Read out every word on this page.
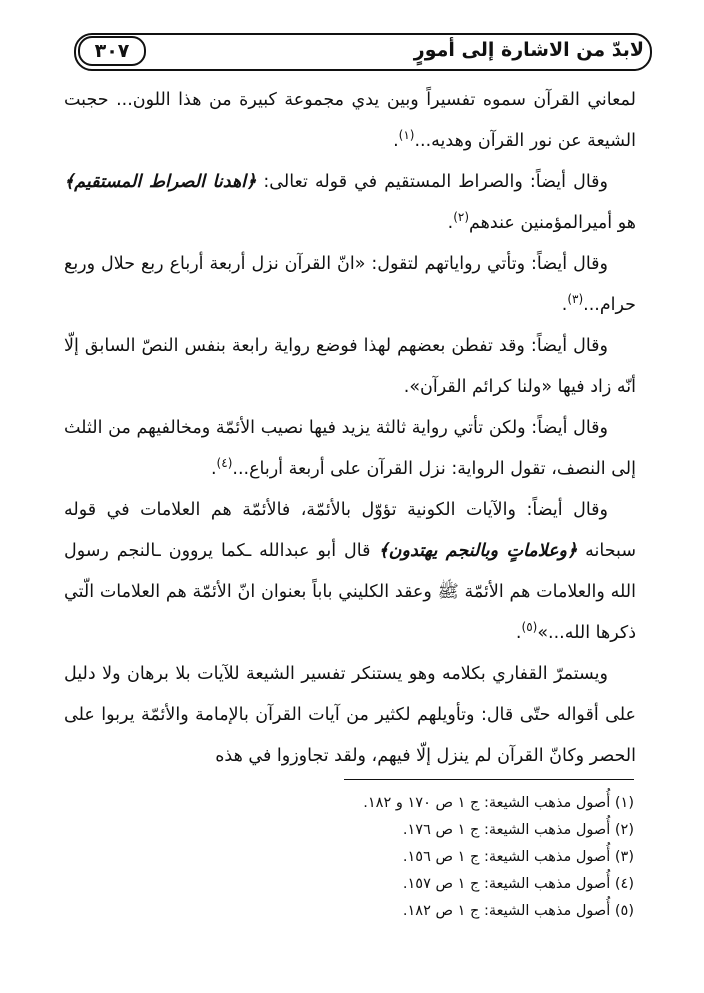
٣٠٧	لابدّ من الاشارة إلى أمورٍ

لمعاني القرآن سموه تفسيراً وبين يدي مجموعة كبيرة من هذا اللون... حجبت الشيعة عن نور القرآن وهديه...$^{(١)}$.

وقال أيضاً: والصراط المستقيم في قوله تعالى: ﴿اهدنا الصراط المستقيم﴾ هو أميرالمؤمنين عندهم$^{(٢)}$.

وقال أيضاً: وتأتي رواياتهم لتقول: «انّ القرآن نزل أربعة أرباع ربع حلال وربع حرام...$^{(٣)}$.

وقال أيضاً: وقد تفطن بعضهم لهذا فوضع رواية رابعة بنفس النصّ السابق إلّا أنّه زاد فيها «ولنا كرائم القرآن».

وقال أيضاً: ولكن تأتي رواية ثالثة يزيد فيها نصيب الأئمّة ومخالفيهم من الثلث إلى النصف، تقول الرواية: نزل القرآن على أربعة أرباع...$^{(٤)}$.

وقال أيضاً: والآيات الكونية تؤوّل بالأئمّة، فالأئمّة هم العلامات في قوله سبحانه ﴿وعلاماتٍ وبالنجم يهتدون﴾ قال أبو عبدالله ـكما يروون ـالنجم رسول الله والعلامات هم الأئمّة ﷺ وعقد الكليني باباً بعنوان انّ الأئمّة هم العلامات الّتي ذكرها الله...»$^{(٥)}$.

ويستمرّ القفاري بكلامه وهو يستنكر تفسير الشيعة للآيات بلا برهان ولا دليل على أقواله حتّى قال: وتأويلهم لكثير من آيات القرآن بالإمامة والأئمّة يربوا على الحصر وكانّ القرآن لم ينزل إلّا فيهم، ولقد تجاوزوا في هذه

(١) أُصول مذهب الشيعة: ج ١ ص ١٧٠ و ١٨٢.

(٢) أُصول مذهب الشيعة: ج ١ ص ١٧٦.

(٣) أُصول مذهب الشيعة: ج ١ ص ١٥٦.

(٤) أُصول مذهب الشيعة: ج ١ ص ١٥٧.

(٥) أُصول مذهب الشيعة: ج ١ ص ١٨٢.
